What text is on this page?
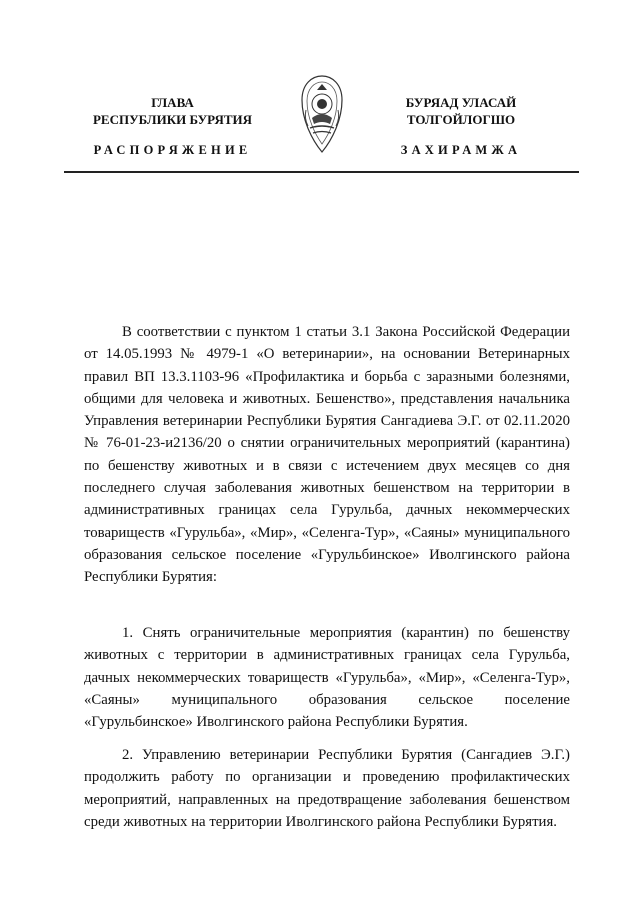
ГЛАВА
РЕСПУБЛИКИ БУРЯТИЯ
РАСПОРЯЖЕНИЕ
БУРЯАД УЛАСАЙ
ТОЛГОЙЛОГШО
ЗАХИРАМЖА

В соответствии с пунктом 1 статьи 3.1 Закона Российской Федерации от 14.05.1993 № 4979-1 «О ветеринарии», на основании Ветеринарных правил ВП 13.3.1103-96 «Профилактика и борьба с заразными болезнями, общими для человека и животных. Бешенство», представления начальника Управления ветеринарии Республики Бурятия Сангадиева Э.Г. от 02.11.2020 № 76-01-23-и2136/20 о снятии ограничительных мероприятий (карантина) по бешенству животных и в связи с истечением двух месяцев со дня последнего случая заболевания животных бешенством на территории в административных границах села Гурульба, дачных некоммерческих товариществ «Гурульба», «Мир», «Селенга-Тур», «Саяны» муниципального образования сельское поселение «Гурульбинское» Иволгинского района Республики Бурятия:

1. Снять ограничительные мероприятия (карантин) по бешенству животных с территории в административных границах села Гурульба, дачных некоммерческих товариществ «Гурульба», «Мир», «Селенга-Тур», «Саяны» муниципального образования сельское поселение «Гурульбинское» Иволгинского района Республики Бурятия.

2. Управлению ветеринарии Республики Бурятия (Сангадиев Э.Г.) продолжить работу по организации и проведению профилактических мероприятий, направленных на предотвращение заболевания бешенством среди животных на территории Иволгинского района Республики Бурятия.
